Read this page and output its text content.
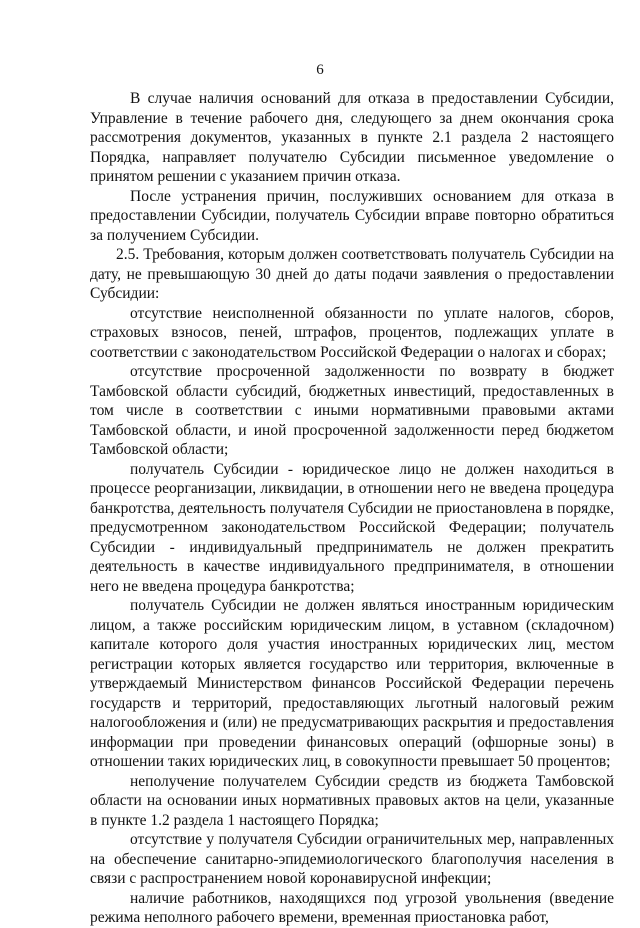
6

В случае наличия оснований для отказа в предоставлении Субсидии, Управление в течение рабочего дня, следующего за днем окончания срока рассмотрения документов, указанных в пункте 2.1 раздела 2 настоящего Порядка, направляет получателю Субсидии письменное уведомление о принятом решении с указанием причин отказа.

После устранения причин, послуживших основанием для отказа в предоставлении Субсидии, получатель Субсидии вправе повторно обратиться за получением Субсидии.

2.5. Требования, которым должен соответствовать получатель Субсидии на дату, не превышающую 30 дней до даты подачи заявления о предоставлении Субсидии:

отсутствие неисполненной обязанности по уплате налогов, сборов, страховых взносов, пеней, штрафов, процентов, подлежащих уплате в соответствии с законодательством Российской Федерации о налогах и сборах;

отсутствие просроченной задолженности по возврату в бюджет Тамбовской области субсидий, бюджетных инвестиций, предоставленных в том числе в соответствии с иными нормативными правовыми актами Тамбовской области, и иной просроченной задолженности перед бюджетом Тамбовской области;

получатель Субсидии - юридическое лицо не должен находиться в процессе реорганизации, ликвидации, в отношении него не введена процедура банкротства, деятельность получателя Субсидии не приостановлена в порядке, предусмотренном законодательством Российской Федерации; получатель Субсидии - индивидуальный предприниматель не должен прекратить деятельность в качестве индивидуального предпринимателя, в отношении него не введена процедура банкротства;

получатель Субсидии не должен являться иностранным юридическим лицом, а также российским юридическим лицом, в уставном (складочном) капитале которого доля участия иностранных юридических лиц, местом регистрации которых является государство или территория, включенные в утверждаемый Министерством финансов Российской Федерации перечень государств и территорий, предоставляющих льготный налоговый режим налогообложения и (или) не предусматривающих раскрытия и предоставления информации при проведении финансовых операций (офшорные зоны) в отношении таких юридических лиц, в совокупности превышает 50 процентов;

неполучение получателем Субсидии средств из бюджета Тамбовской области на основании иных нормативных правовых актов на цели, указанные в пункте 1.2 раздела 1 настоящего Порядка;

отсутствие у получателя Субсидии ограничительных мер, направленных на обеспечение санитарно-эпидемиологического благополучия населения в связи с распространением новой коронавирусной инфекции;

наличие работников, находящихся под угрозой увольнения (введение режима неполного рабочего времени, временная приостановка работ,
